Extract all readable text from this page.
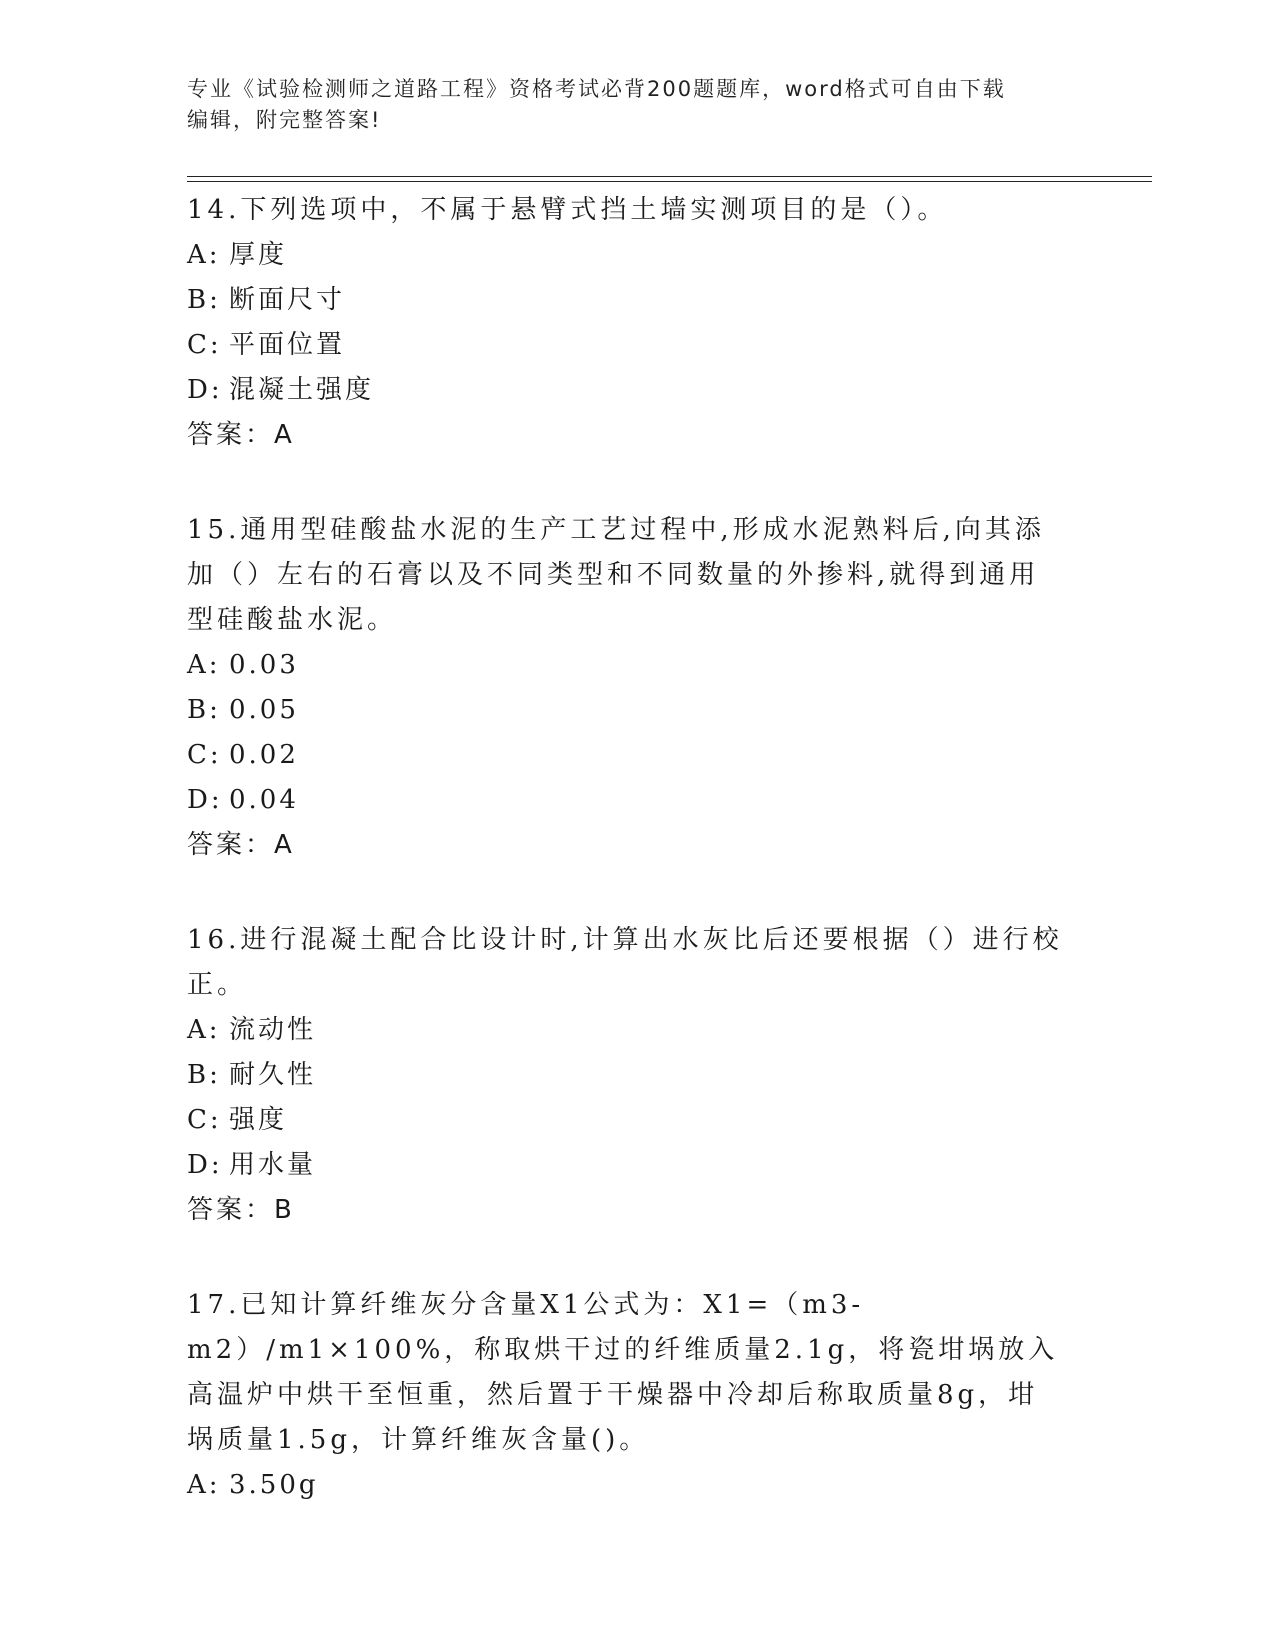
专业《试验检测师之道路工程》资格考试必背200题题库，word格式可自由下载
编辑，附完整答案!

14.下列选项中，不属于悬臂式挡土墙实测项目的是（）。

A: 厚度

B: 断面尺寸

C: 平面位置

D: 混凝土强度

答案：A

15.通用型硅酸盐水泥的生产工艺过程中,形成水泥熟料后,向其添加（）左右的石膏以及不同类型和不同数量的外掺料,就得到通用型硅酸盐水泥。

A: 0.03

B: 0.05

C: 0.02

D: 0.04

答案：A

16.进行混凝土配合比设计时,计算出水灰比后还要根据（）进行校正。

A: 流动性

B: 耐久性

C: 强度

D: 用水量

答案：B

17.已知计算纤维灰分含量X1公式为：X1=（m3-m2）/m1×100%，称取烘干过的纤维质量2.1g，将瓷坩埚放入高温炉中烘干至恒重，然后置于干燥器中冷却后称取质量8g，坩埚质量1.5g，计算纤维灰含量()。

A: 3.50g
